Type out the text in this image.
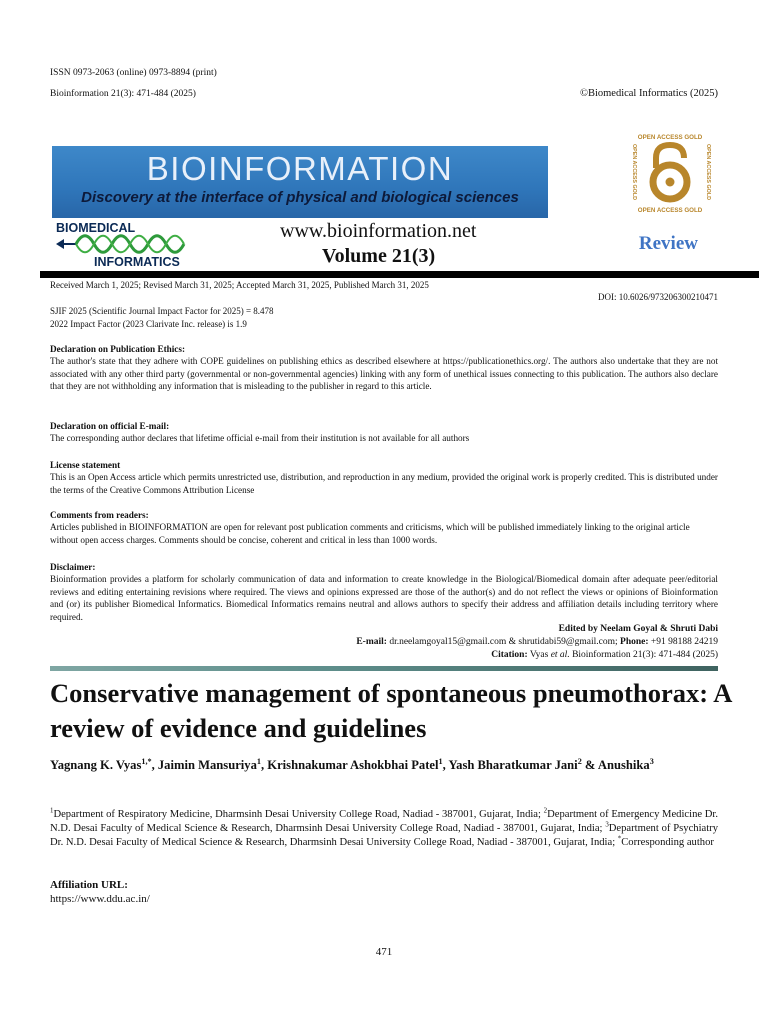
ISSN 0973-2063 (online) 0973-8894 (print)
Bioinformation 21(3): 471-484 (2025)	©Biomedical Informatics (2025)
BIOINFORMATION
Discovery at the interface of physical and biological sciences
OPEN ACCESS GOLD
OPEN ACCESS GOLD
OPEN ACCESS GOLD	OPEN ACCESS GOLD
BIOMEDICAL
INFORMATICS
www.bioinformation.net
Volume 21(3)
Review
Received March 1, 2025; Revised March 31, 2025; Accepted March 31, 2025, Published March 31, 2025
DOI: 10.6026/973206300210471
SJIF 2025 (Scientific Journal Impact Factor for 2025) = 8.478
2022 Impact Factor (2023 Clarivate Inc. release) is 1.9
Declaration on Publication Ethics:
The author's state that they adhere with COPE guidelines on publishing ethics as described elsewhere at https://publicationethics.org/. The authors also undertake that they are not associated with any other third party (governmental or non-governmental agencies) linking with any form of unethical issues connecting to this publication. The authors also declare that they are not withholding any information that is misleading to the publisher in regard to this article.
Declaration on official E-mail:
The corresponding author declares that lifetime official e-mail from their institution is not available for all authors
License statement
This is an Open Access article which permits unrestricted use, distribution, and reproduction in any medium, provided the original work is properly credited. This is distributed under the terms of the Creative Commons Attribution License
Comments from readers:
Articles published in BIOINFORMATION are open for relevant post publication comments and criticisms, which will be published immediately linking to the original article without open access charges. Comments should be concise, coherent and critical in less than 1000 words.
Disclaimer:
Bioinformation provides a platform for scholarly communication of data and information to create knowledge in the Biological/Biomedical domain after adequate peer/editorial reviews and editing entertaining revisions where required. The views and opinions expressed are those of the author(s) and do not reflect the views or opinions of Bioinformation and (or) its publisher Biomedical Informatics. Biomedical Informatics remains neutral and allows authors to specify their address and affiliation details including territory where required.
Edited by Neelam Goyal & Shruti Dabi
E-mail: dr.neelamgoyal15@gmail.com & shrutidabi59@gmail.com; Phone: +91 98188 24219
Citation: Vyas et al. Bioinformation 21(3): 471-484 (2025)
Conservative management of spontaneous pneumothorax: A review of evidence and guidelines
Yagnang K. Vyas$^{1,*}$, Jaimin Mansuriya$^1$, Krishnakumar Ashokbhai Patel$^1$, Yash Bharatkumar Jani$^2$ & Anushika$^3$
$^1$Department of Respiratory Medicine, Dharmsinh Desai University College Road, Nadiad - 387001, Gujarat, India; $^2$Department of Emergency Medicine Dr. N.D. Desai Faculty of Medical Science & Research, Dharmsinh Desai University College Road, Nadiad - 387001, Gujarat, India; $^3$Department of Psychiatry Dr. N.D. Desai Faculty of Medical Science & Research, Dharmsinh Desai University College Road, Nadiad - 387001, Gujarat, India; *Corresponding author
Affiliation URL:
https://www.ddu.ac.in/
471
